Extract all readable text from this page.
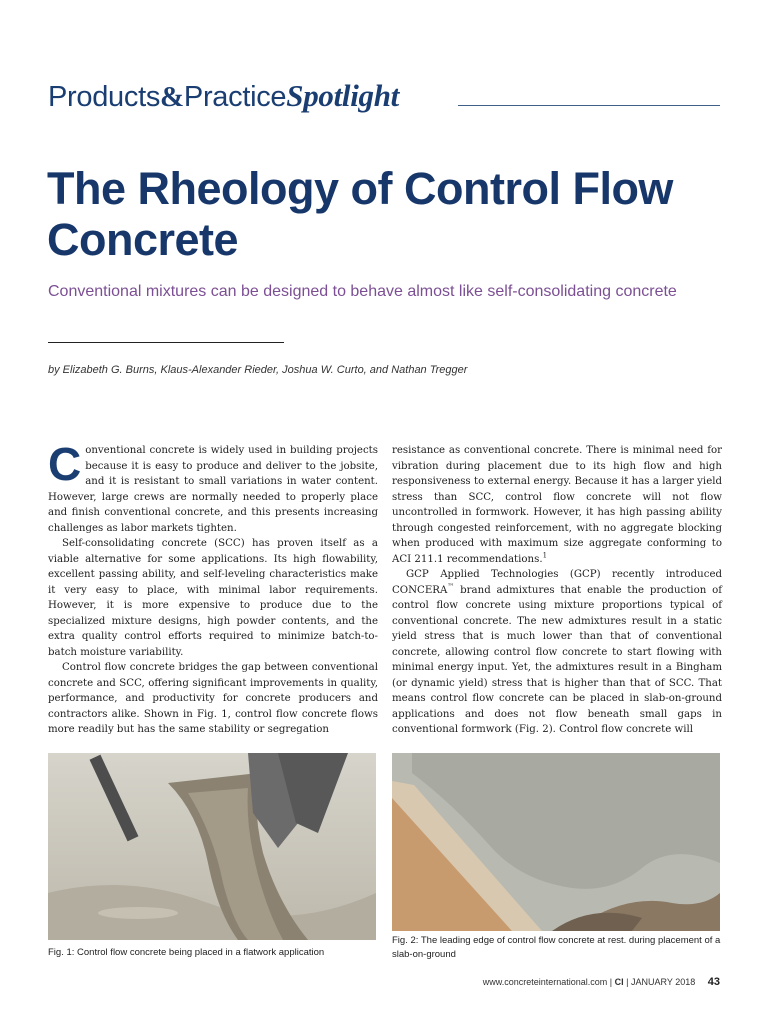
Products&PracticeSpotlight
The Rheology of Control Flow Concrete

Conventional mixtures can be designed to behave almost like self-consolidating concrete

by Elizabeth G. Burns, Klaus-Alexander Rieder, Joshua W. Curto, and Nathan Tregger

Conventional concrete is widely used in building projects because it is easy to produce and deliver to the jobsite, and it is resistant to small variations in water content. However, large crews are normally needed to properly place and finish conventional concrete, and this presents increasing challenges as labor markets tighten.

Self-consolidating concrete (SCC) has proven itself as a viable alternative for some applications. Its high flowability, excellent passing ability, and self-leveling characteristics make it very easy to place, with minimal labor requirements. However, it is more expensive to produce due to the specialized mixture designs, high powder contents, and the extra quality control efforts required to minimize batch-to-batch moisture variability.

Control flow concrete bridges the gap between conventional concrete and SCC, offering significant improvements in quality, performance, and productivity for concrete producers and contractors alike. Shown in Fig. 1, control flow concrete flows more readily but has the same stability or segregation

resistance as conventional concrete. There is minimal need for vibration during placement due to its high flow and high responsiveness to external energy. Because it has a larger yield stress than SCC, control flow concrete will not flow uncontrolled in formwork. However, it has high passing ability through congested reinforcement, with no aggregate blocking when produced with maximum size aggregate conforming to ACI 211.1 recommendations.$^1$

GCP Applied Technologies (GCP) recently introduced CONCERA™ brand admixtures that enable the production of control flow concrete using mixture proportions typical of conventional concrete. The new admixtures result in a static yield stress that is much lower than that of conventional concrete, allowing control flow concrete to start flowing with minimal energy input. Yet, the admixtures result in a Bingham (or dynamic yield) stress that is higher than that of SCC. That means control flow concrete can be placed in slab-on-ground applications and does not flow beneath small gaps in conventional formwork (Fig. 2). Control flow concrete will

Fig. 1: Control flow concrete being placed in a flatwork application
Fig. 2: The leading edge of control flow concrete at rest. during placement of a slab-on-ground
www.concreteinternational.com | CI | JANUARY 2018 43
